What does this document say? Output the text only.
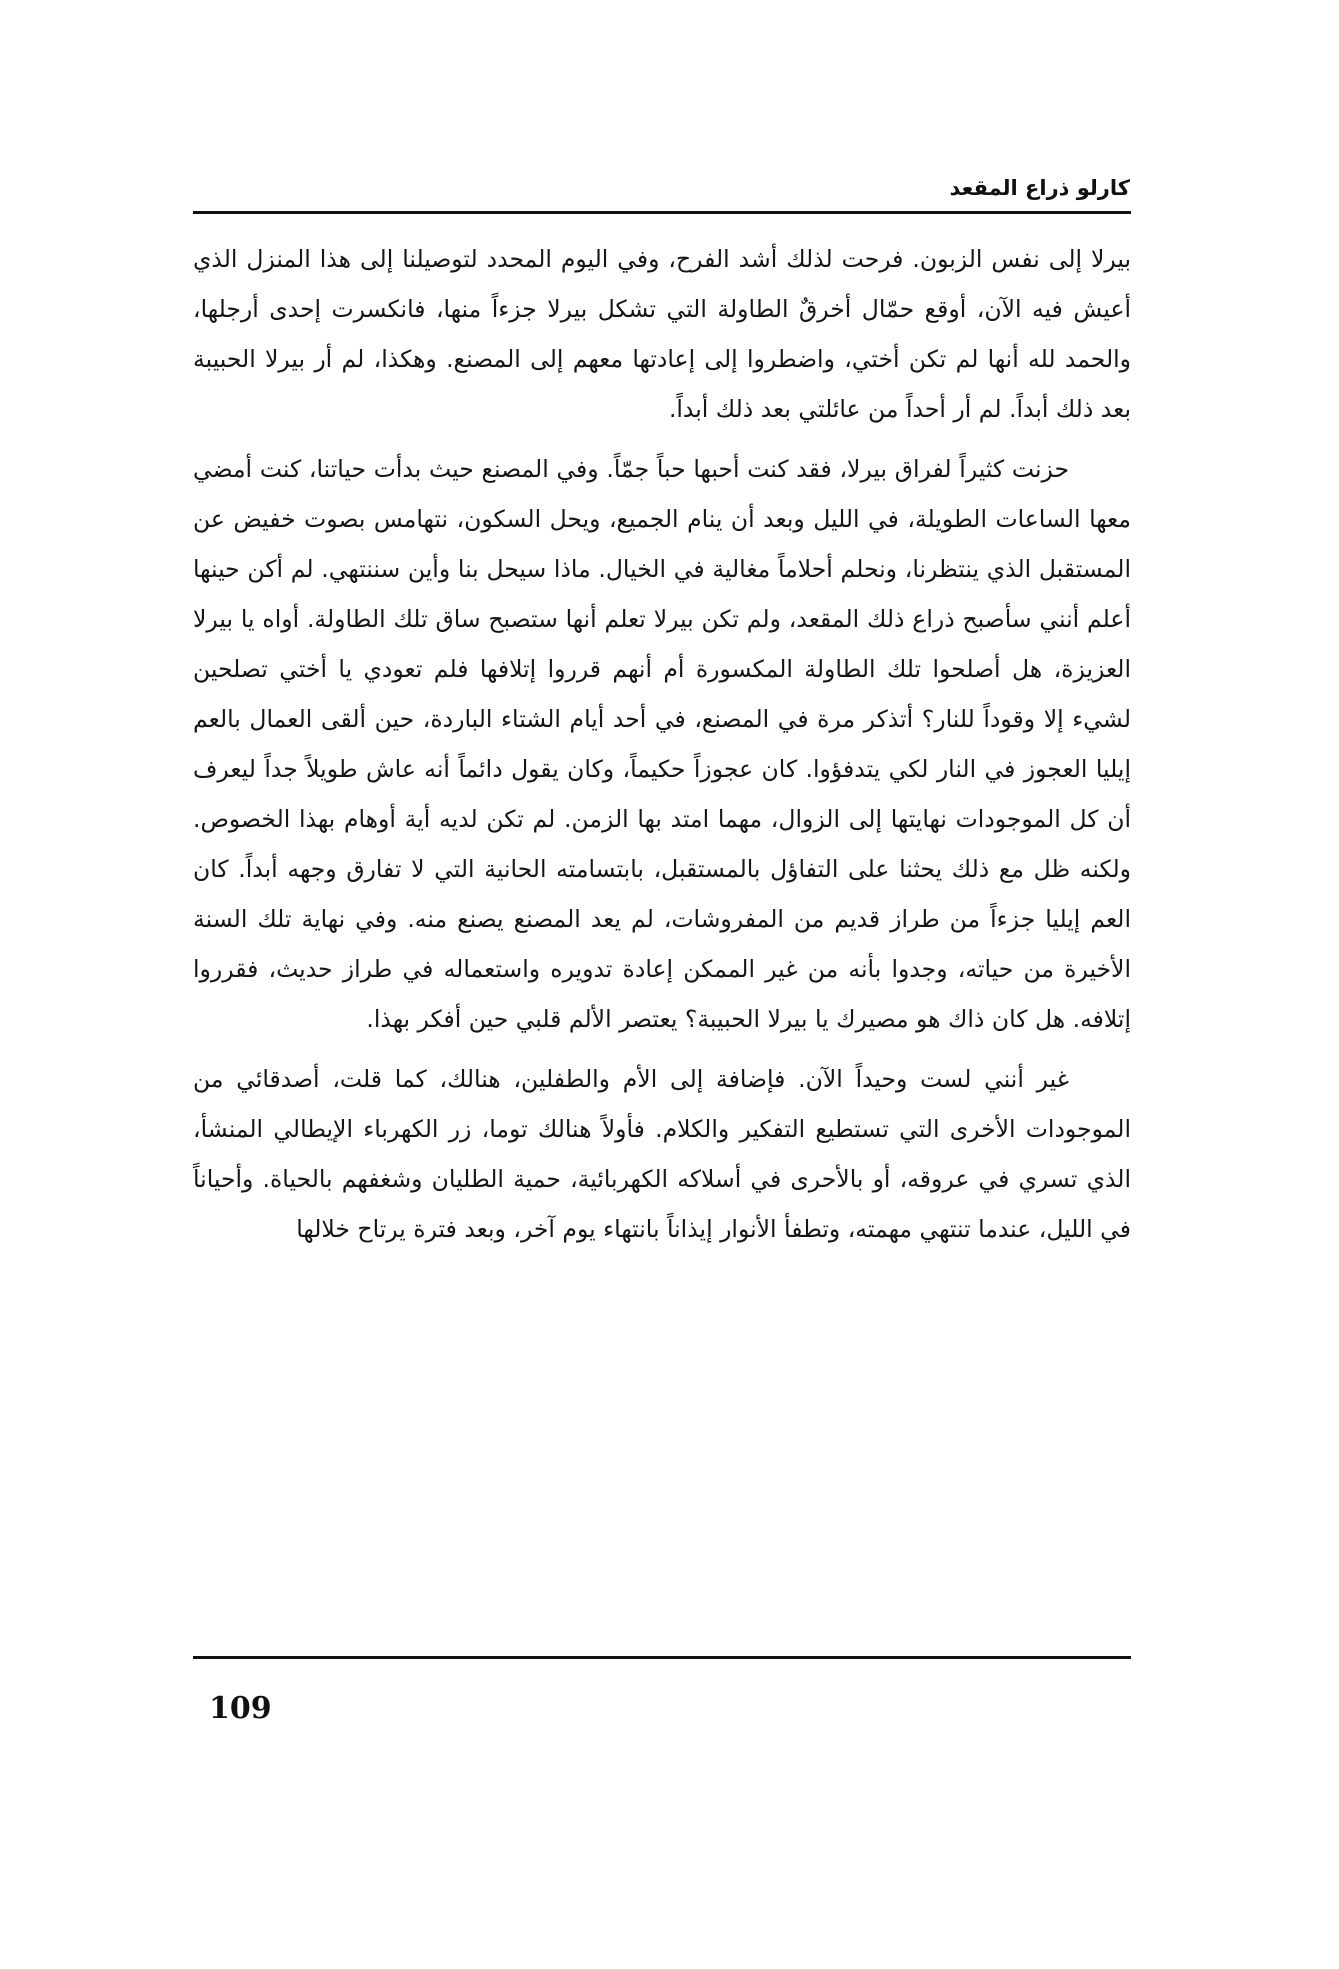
كارلو ذراع المقعد

بيرلا إلى نفس الزبون. فرحت لذلك أشد الفرح، وفي اليوم المحدد لتوصيلنا إلى هذا المنزل الذي أعيش فيه الآن، أوقع حمّال أخرقٌ الطاولة التي تشكل بيرلا جزءاً منها، فانكسرت إحدى أرجلها، والحمد لله أنها لم تكن أختي، واضطروا إلى إعادتها معهم إلى المصنع. وهكذا، لم أر بيرلا الحبيبة بعد ذلك أبداً. لم أر أحداً من عائلتي بعد ذلك أبداً.

حزنت كثيراً لفراق بيرلا، فقد كنت أحبها حباً جمّاً. وفي المصنع حيث بدأت حياتنا، كنت أمضي معها الساعات الطويلة، في الليل وبعد أن ينام الجميع، ويحل السكون، نتهامس بصوت خفيض عن المستقبل الذي ينتظرنا، ونحلم أحلاماً مغالية في الخيال. ماذا سيحل بنا وأين سننتهي. لم أكن حينها أعلم أنني سأصبح ذراع ذلك المقعد، ولم تكن بيرلا تعلم أنها ستصبح ساق تلك الطاولة. أواه يا بيرلا العزيزة، هل أصلحوا تلك الطاولة المكسورة أم أنهم قرروا إتلافها فلم تعودي يا أختي تصلحين لشيء إلا وقوداً للنار؟ أتذكر مرة في المصنع، في أحد أيام الشتاء الباردة، حين ألقى العمال بالعم إيليا العجوز في النار لكي يتدفؤوا. كان عجوزاً حكيماً، وكان يقول دائماً أنه عاش طويلاً جداً ليعرف أن كل الموجودات نهايتها إلى الزوال، مهما امتد بها الزمن. لم تكن لديه أية أوهام بهذا الخصوص. ولكنه ظل مع ذلك يحثنا على التفاؤل بالمستقبل، بابتسامته الحانية التي لا تفارق وجهه أبداً. كان العم إيليا جزءاً من طراز قديم من المفروشات، لم يعد المصنع يصنع منه. وفي نهاية تلك السنة الأخيرة من حياته، وجدوا بأنه من غير الممكن إعادة تدويره واستعماله في طراز حديث، فقرروا إتلافه. هل كان ذاك هو مصيرك يا بيرلا الحبيبة؟ يعتصر الألم قلبي حين أفكر بهذا.

غير أنني لست وحيداً الآن. فإضافة إلى الأم والطفلين، هنالك، كما قلت، أصدقائي من الموجودات الأخرى التي تستطيع التفكير والكلام. فأولاً هنالك توما، زر الكهرباء الإيطالي المنشأ، الذي تسري في عروقه، أو بالأحرى في أسلاكه الكهربائية، حمية الطليان وشغفهم بالحياة. وأحياناً في الليل، عندما تنتهي مهمته، وتطفأ الأنوار إيذاناً بانتهاء يوم آخر، وبعد فترة يرتاح خلالها

109
